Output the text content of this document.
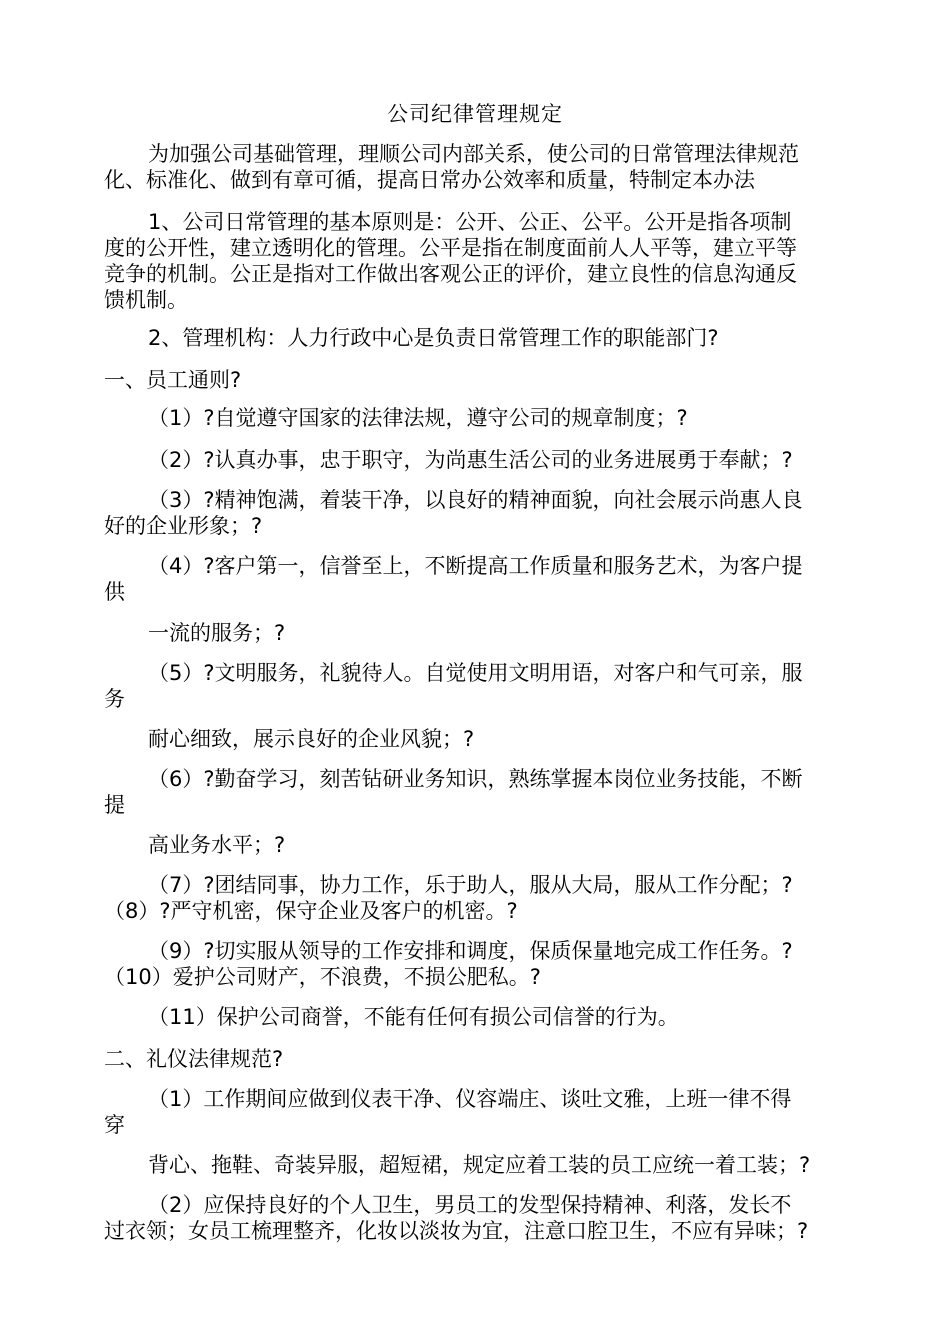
公司纪律管理规定
为加强公司基础管理，理顺公司内部关系，使公司的日常管理法律规范
化、标准化、做到有章可循，提高日常办公效率和质量，特制定本办法
1、公司日常管理的基本原则是：公开、公正、公平。公开是指各项制
度的公开性，建立透明化的管理。公平是指在制度面前人人平等，建立平等
竞争的机制。公正是指对工作做出客观公正的评价，建立良性的信息沟通反
馈机制。
2、管理机构：人力行政中心是负责日常管理工作的职能部门?
一、员工通则?
（1）?自觉遵守国家的法律法规，遵守公司的规章制度；?
（2）?认真办事，忠于职守，为尚惠生活公司的业务进展勇于奉献；?
（3）?精神饱满，着装干净，以良好的精神面貌，向社会展示尚惠人良
好的企业形象；?
（4）?客户第一，信誉至上，不断提高工作质量和服务艺术，为客户提
供
一流的服务；?
（5）?文明服务，礼貌待人。自觉使用文明用语，对客户和气可亲，服
务
耐心细致，展示良好的企业风貌；?
（6）?勤奋学习，刻苦钻研业务知识，熟练掌握本岗位业务技能，不断
提
高业务水平；?
（7）?团结同事，协力工作，乐于助人，服从大局，服从工作分配；?
（8）?严守机密，保守企业及客户的机密。?
（9）?切实服从领导的工作安排和调度，保质保量地完成工作任务。?
（10）爱护公司财产，不浪费，不损公肥私。?
（11）保护公司商誉，不能有任何有损公司信誉的行为。
二、礼仪法律规范?
（1）工作期间应做到仪表干净、仪容端庄、谈吐文雅，上班一律不得
穿
背心、拖鞋、奇装异服，超短裙，规定应着工装的员工应统一着工装；?
（2）应保持良好的个人卫生，男员工的发型保持精神、利落，发长不
过衣领；女员工梳理整齐，化妆以淡妆为宜，注意口腔卫生，不应有异味；?
